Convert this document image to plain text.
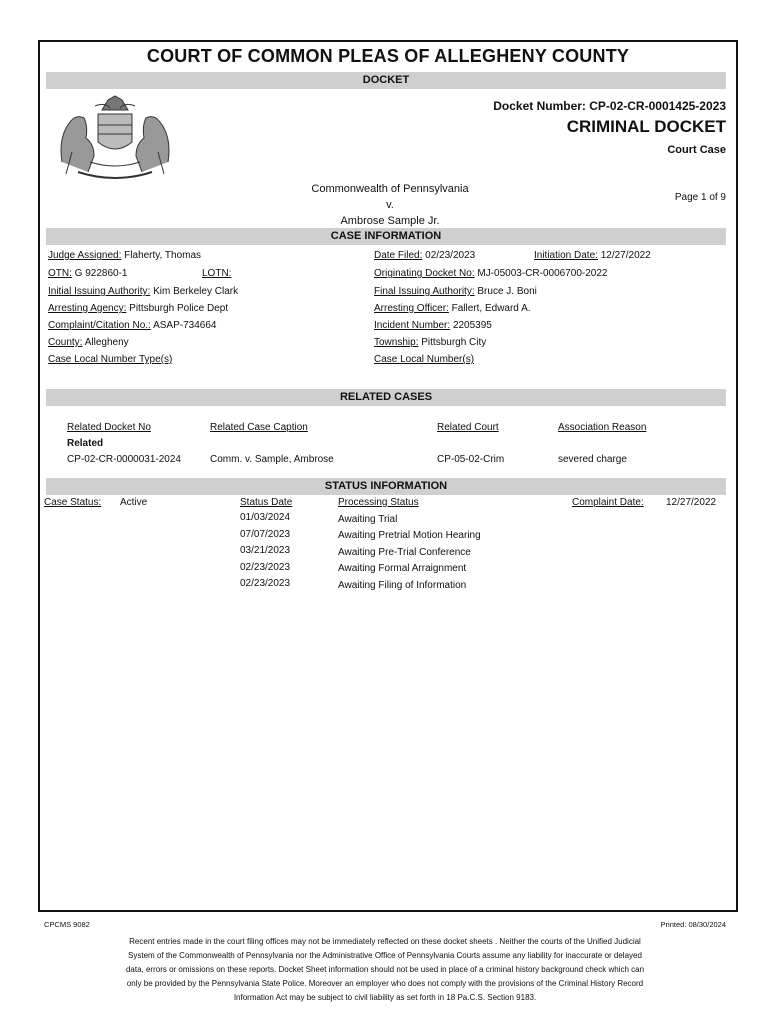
COURT OF COMMON PLEAS OF ALLEGHENY COUNTY
DOCKET
Docket Number: CP-02-CR-0001425-2023
CRIMINAL DOCKET
Court Case
Commonwealth of Pennsylvania
v.
Ambrose Sample Jr.
Page 1 of 9
CASE INFORMATION
Judge Assigned: Flaherty, Thomas	Date Filed: 02/23/2023	Initiation Date: 12/27/2022
OTN: G 922860-1	LOTN:	Originating Docket No: MJ-05003-CR-0006700-2022
Initial Issuing Authority: Kim Berkeley Clark	Final Issuing Authority: Bruce J. Boni
Arresting Agency: Pittsburgh Police Dept	Arresting Officer: Fallert, Edward A.
Complaint/Citation No.: ASAP-734664	Incident Number: 2205395
County: Allegheny	Township: Pittsburgh City
Case Local Number Type(s)	Case Local Number(s)
RELATED CASES
Related Docket No	Related Case Caption	Related Court	Association Reason
Related
CP-02-CR-0000031-2024	Comm. v. Sample, Ambrose	CP-05-02-Crim	severed charge
STATUS INFORMATION
Case Status: Active	Status Date	Processing Status	Complaint Date: 12/27/2022
01/03/2024	Awaiting Trial
07/07/2023	Awaiting Pretrial Motion Hearing
03/21/2023	Awaiting Pre-Trial Conference
02/23/2023	Awaiting Formal Arraignment
02/23/2023	Awaiting Filing of Information
CPCMS 9082	Printed: 08/30/2024
Recent entries made in the court filing offices may not be immediately reflected on these docket sheets . Neither the courts of the Unified Judicial
System of the Commonwealth of Pennsylvania nor the Administrative Office of Pennsylvania Courts assume any liability for inaccurate or delayed
data, errors or omissions on these reports. Docket Sheet information should not be used in place of a criminal history background check which can
only be provided by the Pennsylvania State Police. Moreover an employer who does not comply with the provisions of the Criminal History Record
Information Act may be subject to civil liability as set forth in 18 Pa.C.S. Section 9183.
